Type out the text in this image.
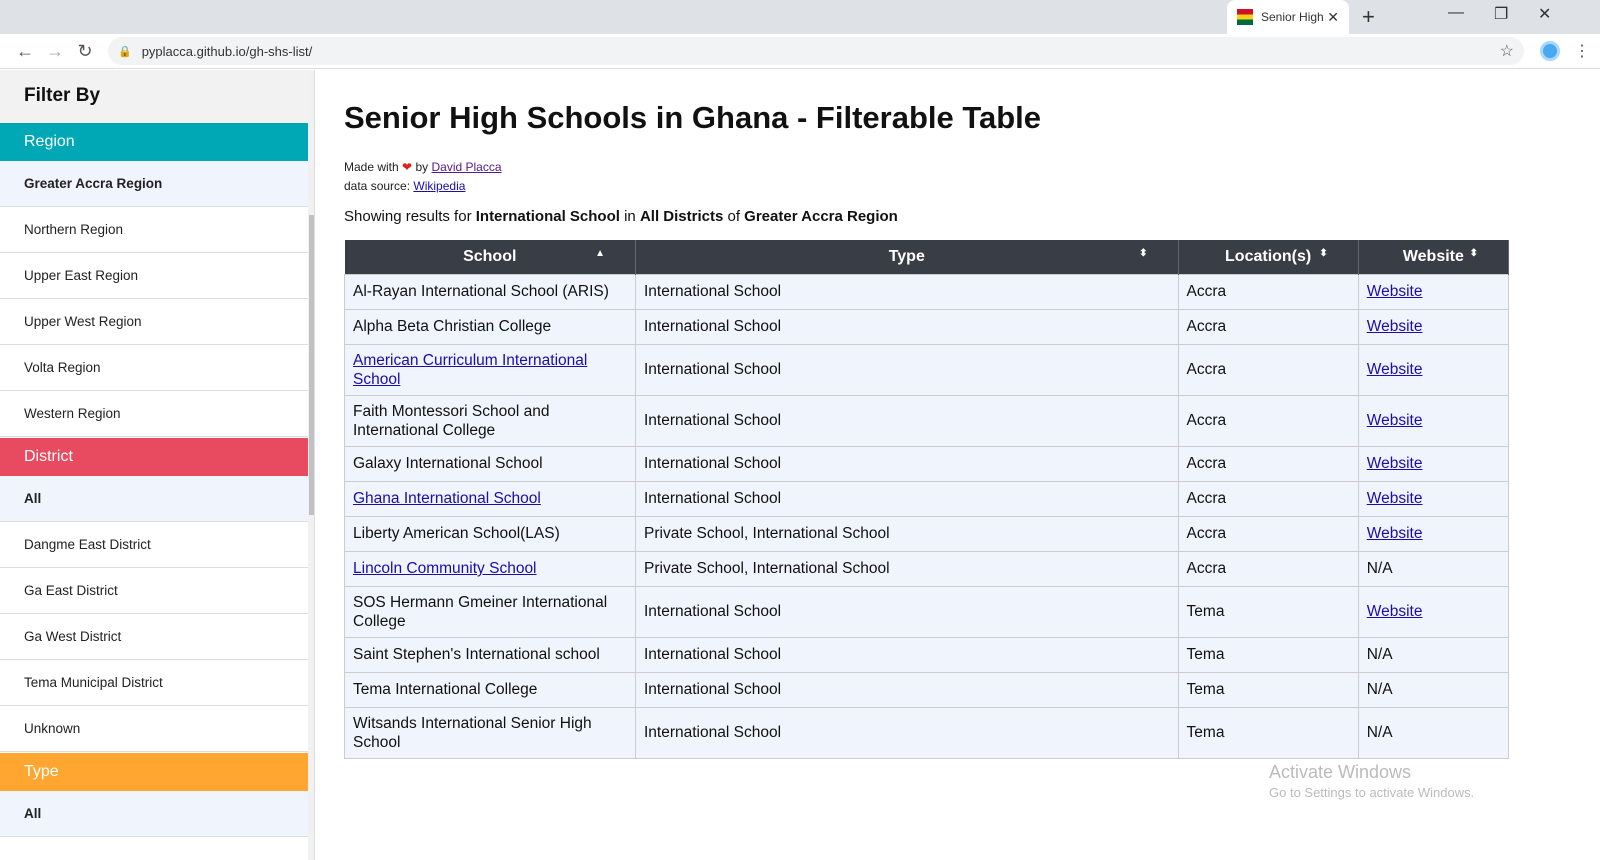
Senior High ✕ +	— ❐ ✕
← → ↻	🔒 pyplacca.github.io/gh-shs-list/	☆	⋮
Filter By
Region
Greater Accra Region
Northern Region
Upper East Region
Upper West Region
Volta Region
Western Region
District
All
Dangme East District
Ga East District
Ga West District
Tema Municipal District
Unknown
Type
All
Senior High Schools in Ghana - Filterable Table
Made with ❤ by David Placca
data source: Wikipedia
Showing results for International School in All Districts of Greater Accra Region
School ▲	Type ⬍	Location(s) ⬍	Website ⬍

Al-Rayan International School (ARIS)	International School	Accra	Website
Alpha Beta Christian College	International School	Accra	Website
American Curriculum International School	International School	Accra	Website
Faith Montessori School and International College	International School	Accra	Website
Galaxy International School	International School	Accra	Website
Ghana International School	International School	Accra	Website
Liberty American School(LAS)	Private School, International School	Accra	Website
Lincoln Community School	Private School, International School	Accra	N/A
SOS Hermann Gmeiner International College	International School	Tema	Website
Saint Stephen's International school	International School	Tema	N/A
Tema International College	International School	Tema	N/A
Witsands International Senior High School	International School	Tema	N/A
Activate Windows
Go to Settings to activate Windows.
